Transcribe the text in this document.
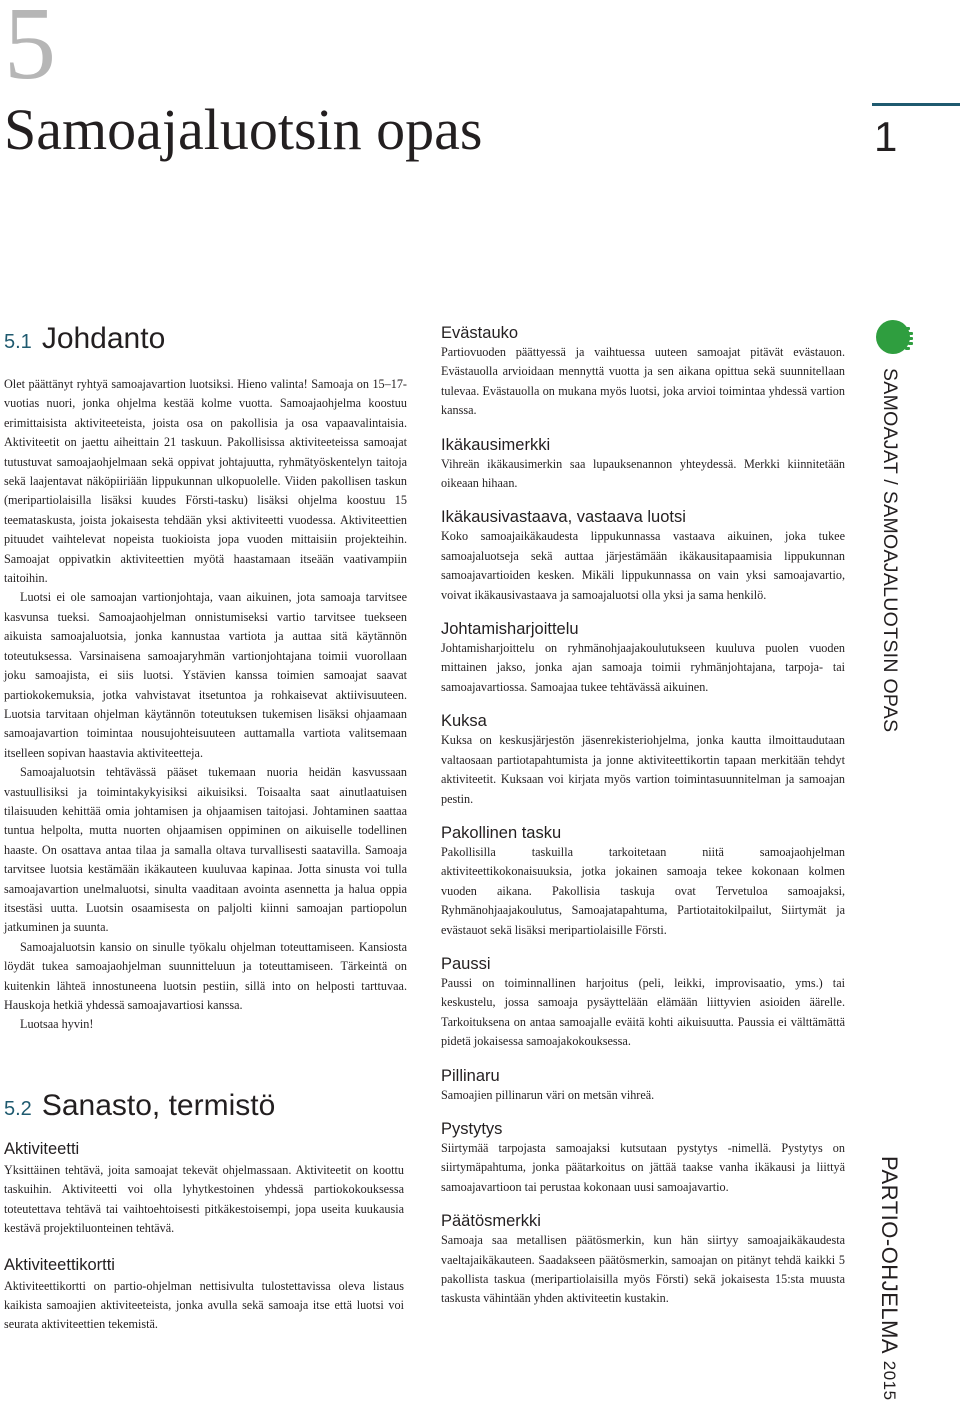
5
Samoajaluotsin opas	1
5.1 Johdanto

Olet päättänyt ryhtyä samoajavartion luotsiksi. Hieno valinta! Samoaja on 15–17-vuotias nuori, jonka ohjelma kestää kolme vuotta. Samoajaohjelma koostuu erimittaisista aktiviteeteista, joista osa on pakollisia ja osa vapaavalintaisia. Aktiviteetit on jaettu aiheittain 21 taskuun. Pakollisissa aktiviteeteissa samoajat tutustuvat samoajaohjelmaan sekä oppivat johtajuutta, ryhmätyöskentelyn taitoja sekä laajentavat näköpiiriään lippukunnan ulkopuolelle. Viiden pakollisen taskun (meripartiolaisilla lisäksi kuudes Försti-tasku) lisäksi ohjelma koostuu 15 teemataskusta, joista jokaisesta tehdään yksi aktiviteetti vuodessa. Aktiviteettien pituudet vaihtelevat nopeista tuokioista jopa vuoden mittaisiin projekteihin. Samoajat oppivatkin aktiviteettien myötä haastamaan itseään vaativampiin taitoihin.

Luotsi ei ole samoajan vartionjohtaja, vaan aikuinen, jota samoaja tarvitsee kasvunsa tueksi. Samoajaohjelman onnistumiseksi vartio tarvitsee tuekseen aikuista samoajaluotsia, jonka kannustaa vartiota ja auttaa sitä käytännön toteutuksessa. Varsinaisena samoajaryhmän vartionjohtajana toimii vuorollaan joku samoajista, ei siis luotsi. Ystävien kanssa toimien samoajat saavat partiokokemuksia, jotka vahvistavat itsetuntoa ja rohkaisevat aktiivisuuteen. Luotsia tarvitaan ohjelman käytännön toteutuksen tukemisen lisäksi ohjaamaan samoajavartion toimintaa nousujohteisuuteen auttamalla vartiota valitsemaan itselleen sopivan haastavia aktiviteetteja.

Samoajaluotsin tehtävässä pääset tukemaan nuoria heidän kasvussaan vastuullisiksi ja toimintakykyisiksi aikuisiksi. Toisaalta saat ainutlaatuisen tilaisuuden kehittää omia johtamisen ja ohjaamisen taitojasi. Johtaminen saattaa tuntua helpolta, mutta nuorten ohjaamisen oppiminen on aikuiselle todellinen haaste. On osattava antaa tilaa ja samalla oltava turvallisesti saatavilla. Samoaja tarvitsee luotsia kestämään ikäkauteen kuuluvaa kapinaa. Jotta sinusta voi tulla samoajavartion unelmaluotsi, sinulta vaaditaan avointa asennetta ja halua oppia itsestäsi uutta. Luotsin osaamisesta on paljolti kiinni samoajan partiopolun jatkuminen ja suunta.

Samoajaluotsin kansio on sinulle työkalu ohjelman toteuttamiseen. Kansiosta löydät tukea samoajaohjelman suunnitteluun ja toteuttamiseen. Tärkeintä on kuitenkin lähteä innostuneena luotsin pestiin, sillä into on helposti tarttuvaa. Hauskoja hetkiä yhdessä samoajavartiosi kanssa.

Luotsaa hyvin!

5.2 Sanasto, termistö
Aktiviteetti

Yksittäinen tehtävä, joita samoajat tekevät ohjelmassaan. Aktiviteetit on koottu taskuihin. Aktiviteetti voi olla lyhytkestoinen yhdessä partiokokouksessa toteutettava tehtävä tai vaihtoehtoisesti pitkäkestoisempi, jopa useita kuukausia kestävä projektiluonteinen tehtävä.

Aktiviteettikortti

Aktiviteettikortti on partio-ohjelman nettisivulta tulostettavissa oleva listaus kaikista samoajien aktiviteeteista, jonka avulla sekä samoaja itse että luotsi voi seurata aktiviteettien tekemistä.

Evästauko

Partiovuoden päättyessä ja vaihtuessa uuteen samoajat pitävät evästauon. Evästauolla arvioidaan mennyttä vuotta ja sen aikana opittua sekä suunnitellaan tulevaa. Evästauolla on mukana myös luotsi, joka arvioi toimintaa yhdessä vartion kanssa.

Ikäkausimerkki

Vihreän ikäkausimerkin saa lupauksenannon yhteydessä. Merkki kiinnitetään oikeaan hihaan.

Ikäkausivastaava, vastaava luotsi

Koko samoajaikäkaudesta lippukunnassa vastaava aikuinen, joka tukee samoajaluotseja sekä auttaa järjestämään ikäkausitapaamisia lippukunnan samoajavartioiden kesken. Mikäli lippukunnassa on vain yksi samoajavartio, voivat ikäkausivastaava ja samoajaluotsi olla yksi ja sama henkilö.

Johtamisharjoittelu

Johtamisharjoittelu on ryhmänohjaajakoulutukseen kuuluva puolen vuoden mittainen jakso, jonka ajan samoaja toimii ryhmänjohtajana, tarpoja- tai samoajavartiossa. Samoajaa tukee tehtävässä aikuinen.

Kuksa

Kuksa on keskusjärjestön jäsenrekisteriohjelma, jonka kautta ilmoittaudutaan valtaosaan partiotapahtumista ja jonne aktiviteettikortin tapaan merkitään tehdyt aktiviteetit. Kuksaan voi kirjata myös vartion toimintasuunnitelman ja samoajan pestin.

Pakollinen tasku

Pakollisilla taskuilla tarkoitetaan niitä samoajaohjelman aktiviteettikokonaisuuksia, jotka jokainen samoaja tekee kokonaan kolmen vuoden aikana. Pakollisia taskuja ovat Tervetuloa samoajaksi, Ryhmänohjaajakoulutus, Samoajatapahtuma, Partiotaitokilpailut, Siirtymät ja evästauot sekä lisäksi meripartiolaisille Försti.

Paussi

Paussi on toiminnallinen harjoitus (peli, leikki, improvisaatio, yms.) tai keskustelu, jossa samoaja pysäyttelään elämään liittyvien asioiden äärelle. Tarkoituksena on antaa samoajalle eväitä kohti aikuisuutta. Paussia ei välttämättä pidetä jokaisessa samoajakokouksessa.

Pillinaru

Samoajien pillinarun väri on metsän vihreä.

Pystytys

Siirtymää tarpojasta samoajaksi kutsutaan pystytys -nimellä. Pystytys on siirtymäpahtuma, jonka päätarkoitus on jättää taakse vanha ikäkausi ja liittyä samoajavartioon tai perustaa kokonaan uusi samoajavartio.

Päätösmerkki

Samoaja saa metallisen päätösmerkin, kun hän siirtyy samoajaikäkaudesta vaeltajaikäkauteen. Saadakseen päätösmerkin, samoajan on pitänyt tehdä kaikki 5 pakollista taskua (meripartiolaisilla myös Försti) sekä jokaisesta 15:sta muusta taskusta vähintään yhden aktiviteetin kustakin.

SAMOAJAT / SAMOAJALUOTSIN OPAS
PARTIO-OHJELMA 2015
